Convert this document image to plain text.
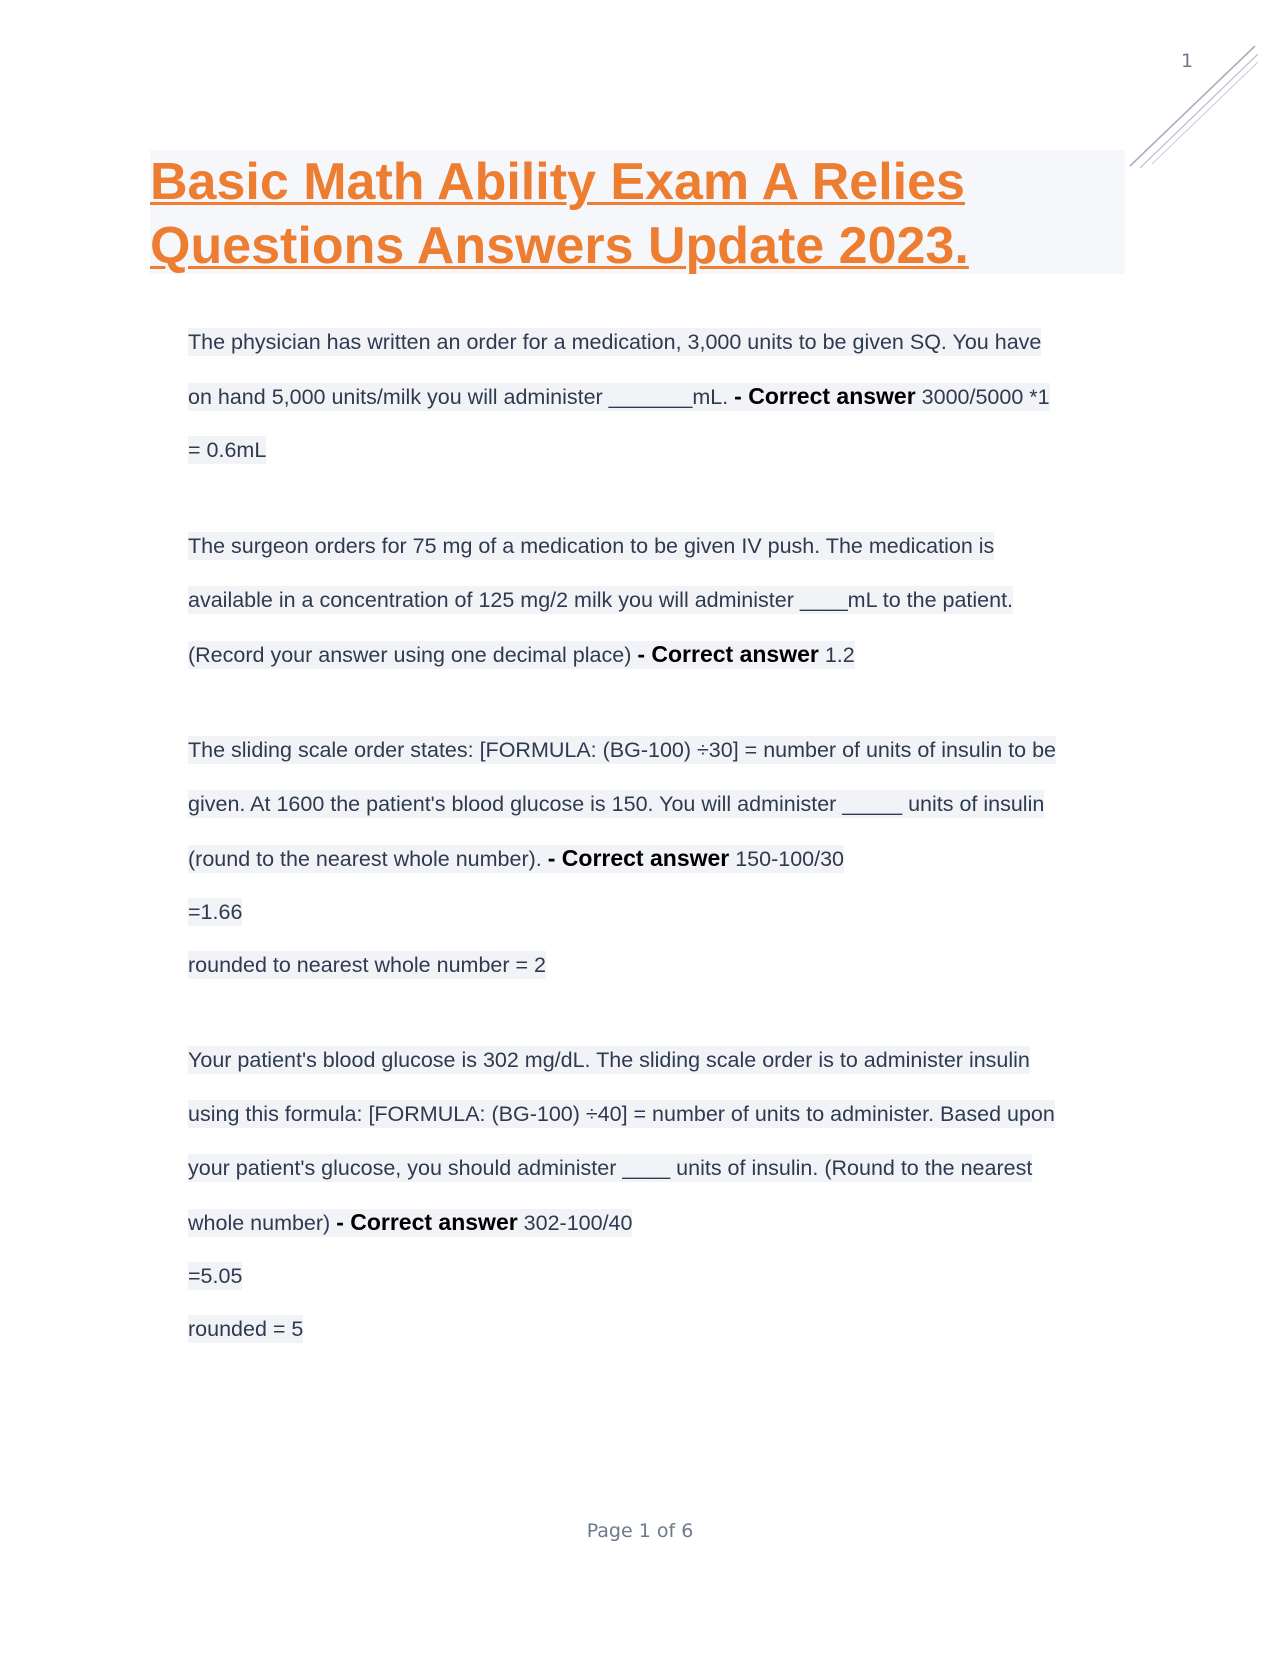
1
Basic Math Ability Exam A Relies
Questions Answers Update 2023.
The physician has written an order for a medication, 3,000 units to be given SQ. You have
on hand 5,000 units/milk you will administer _______mL. - Correct answer 3000/5000 *1
= 0.6mL
The surgeon orders for 75 mg of a medication to be given IV push. The medication is
available in a concentration of 125 mg/2 milk you will administer ____mL to the patient.
(Record your answer using one decimal place) - Correct answer 1.2
The sliding scale order states: [FORMULA: (BG-100) ÷30] = number of units of insulin to be
given. At 1600 the patient's blood glucose is 150. You will administer _____ units of insulin
(round to the nearest whole number). - Correct answer 150-100/30
=1.66
rounded to nearest whole number = 2
Your patient's blood glucose is 302 mg/dL. The sliding scale order is to administer insulin
using this formula: [FORMULA: (BG-100) ÷40] = number of units to administer. Based upon
your patient's glucose, you should administer ____ units of insulin. (Round to the nearest
whole number) - Correct answer 302-100/40
=5.05
rounded = 5
Page 1 of 6
